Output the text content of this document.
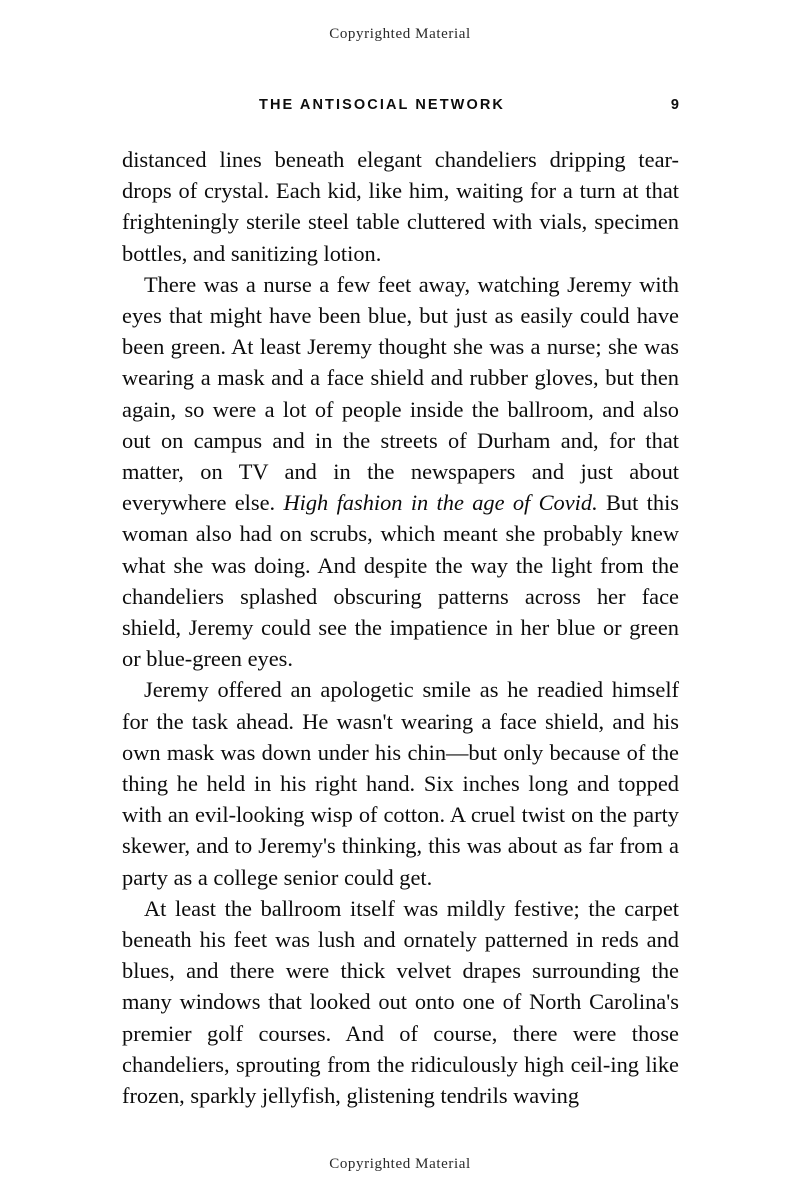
Copyrighted Material
THE ANTISOCIAL NETWORK	9

distanced lines beneath elegant chandeliers dripping tear-drops of crystal. Each kid, like him, waiting for a turn at that frighteningly sterile steel table cluttered with vials, specimen bottles, and sanitizing lotion.

There was a nurse a few feet away, watching Jeremy with eyes that might have been blue, but just as easily could have been green. At least Jeremy thought she was a nurse; she was wearing a mask and a face shield and rubber gloves, but then again, so were a lot of people inside the ballroom, and also out on campus and in the streets of Durham and, for that matter, on TV and in the newspapers and just about everywhere else. High fashion in the age of Covid. But this woman also had on scrubs, which meant she probably knew what she was doing. And despite the way the light from the chandeliers splashed obscuring patterns across her face shield, Jeremy could see the impatience in her blue or green or blue-green eyes.

Jeremy offered an apologetic smile as he readied himself for the task ahead. He wasn't wearing a face shield, and his own mask was down under his chin—but only because of the thing he held in his right hand. Six inches long and topped with an evil-looking wisp of cotton. A cruel twist on the party skewer, and to Jeremy's thinking, this was about as far from a party as a college senior could get.

At least the ballroom itself was mildly festive; the carpet beneath his feet was lush and ornately patterned in reds and blues, and there were thick velvet drapes surrounding the many windows that looked out onto one of North Carolina's premier golf courses. And of course, there were those chandeliers, sprouting from the ridiculously high ceil-ing like frozen, sparkly jellyfish, glistening tendrils waving

Copyrighted Material
